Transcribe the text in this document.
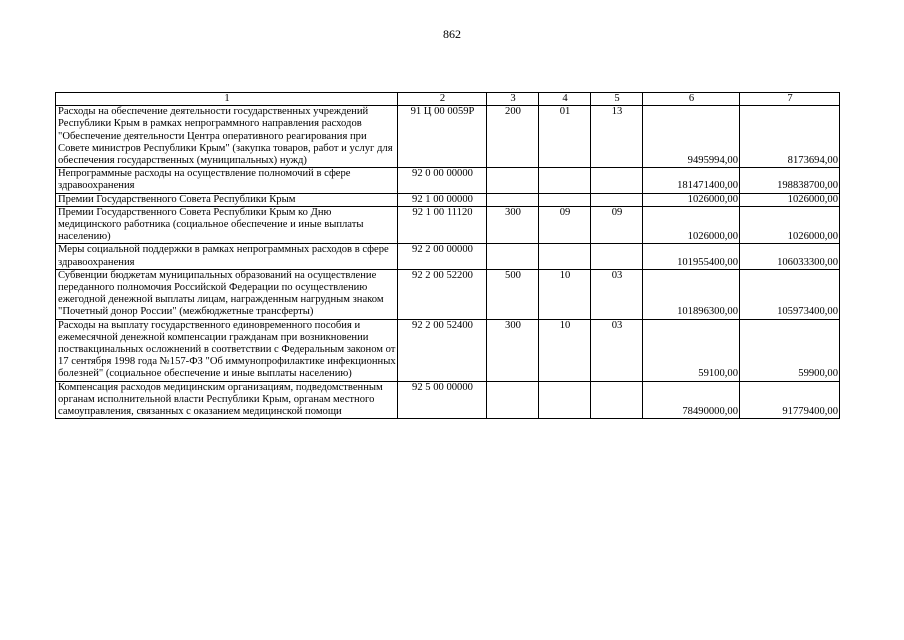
862
1	2	3	4	5	6	7
Расходы на обеспечение деятельности государственных учреждений Республики Крым в рамках непрограммного направления расходов "Обеспечение деятельности Центра оперативного реагирования при Совете министров Республики Крым" (закупка товаров, работ и услуг для обеспечения государственных (муниципальных) нужд)	91 Ц 00 0059Р	200	01	13	9495994,00	8173694,00
Непрограммные расходы на осуществление полномочий в сфере здравоохранения	92 0 00 00000				181471400,00	198838700,00
Премии Государственного Совета Республики Крым	92 1 00 00000				1026000,00	1026000,00
Премии Государственного Совета Республики Крым ко Дню медицинского работника (социальное обеспечение и иные выплаты населению)	92 1 00 11120	300	09	09	1026000,00	1026000,00
Меры социальной поддержки в рамках непрограммных расходов в сфере здравоохранения	92 2 00 00000				101955400,00	106033300,00
Субвенции бюджетам муниципальных образований на осуществление переданного полномочия Российской Федерации по осуществлению ежегодной денежной выплаты лицам, награжденным нагрудным знаком "Почетный донор России" (межбюджетные трансферты)	92 2 00 52200	500	10	03	101896300,00	105973400,00
Расходы на выплату государственного единовременного пособия и ежемесячной денежной компенсации гражданам при возникновении поствакцинальных осложнений в соответствии с Федеральным законом от 17 сентября 1998 года №157-ФЗ "Об иммунопрофилактике инфекционных болезней" (социальное обеспечение и иные выплаты населению)	92 2 00 52400	300	10	03	59100,00	59900,00
Компенсация расходов медицинским организациям, подведомственным органам исполнительной власти Республики Крым, органам местного самоуправления, связанных с оказанием медицинской помощи	92 5 00 00000				78490000,00	91779400,00
